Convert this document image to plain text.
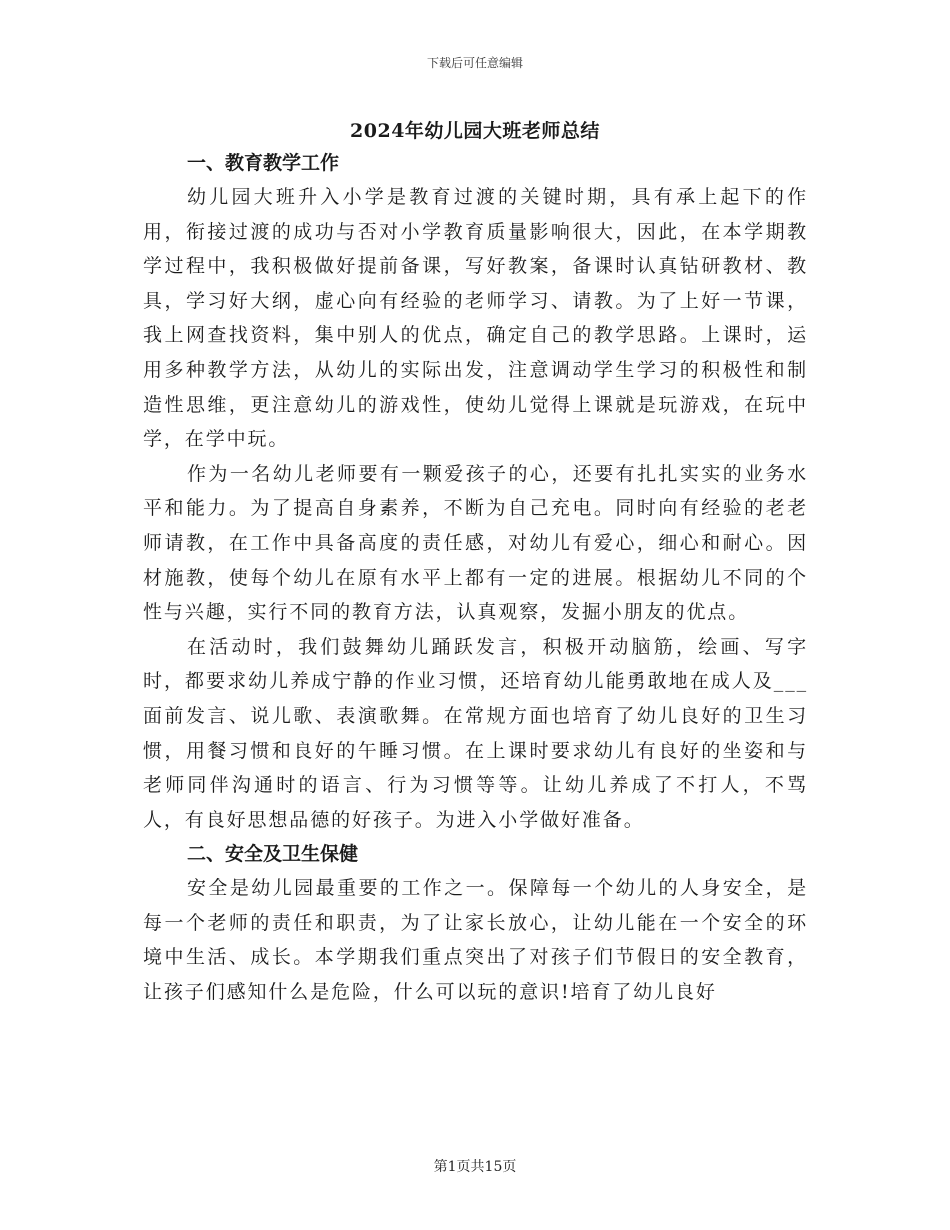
下载后可任意编辑
2024年幼儿园大班老师总结
一、教育教学工作

幼儿园大班升入小学是教育过渡的关键时期，具有承上起下的作用，衔接过渡的成功与否对小学教育质量影响很大，因此，在本学期教学过程中，我积极做好提前备课，写好教案，备课时认真钻研教材、教具，学习好大纲，虚心向有经验的老师学习、请教。为了上好一节课，我上网查找资料，集中别人的优点，确定自己的教学思路。上课时，运用多种教学方法，从幼儿的实际出发，注意调动学生学习的积极性和制造性思维，更注意幼儿的游戏性，使幼儿觉得上课就是玩游戏，在玩中学，在学中玩。

作为一名幼儿老师要有一颗爱孩子的心，还要有扎扎实实的业务水平和能力。为了提高自身素养，不断为自己充电。同时向有经验的老老师请教，在工作中具备高度的责任感，对幼儿有爱心，细心和耐心。因材施教，使每个幼儿在原有水平上都有一定的进展。根据幼儿不同的个性与兴趣，实行不同的教育方法，认真观察，发掘小朋友的优点。

在活动时，我们鼓舞幼儿踊跃发言，积极开动脑筋，绘画、写字时，都要求幼儿养成宁静的作业习惯，还培育幼儿能勇敢地在成人及___面前发言、说儿歌、表演歌舞。在常规方面也培育了幼儿良好的卫生习惯，用餐习惯和良好的午睡习惯。在上课时要求幼儿有良好的坐姿和与老师同伴沟通时的语言、行为习惯等等。让幼儿养成了不打人，不骂人，有良好思想品德的好孩子。为进入小学做好准备。

二、安全及卫生保健

安全是幼儿园最重要的工作之一。保障每一个幼儿的人身安全，是每一个老师的责任和职责，为了让家长放心，让幼儿能在一个安全的环境中生活、成长。本学期我们重点突出了对孩子们节假日的安全教育，让孩子们感知什么是危险，什么可以玩的意识!培育了幼儿良好

第1页共15页
